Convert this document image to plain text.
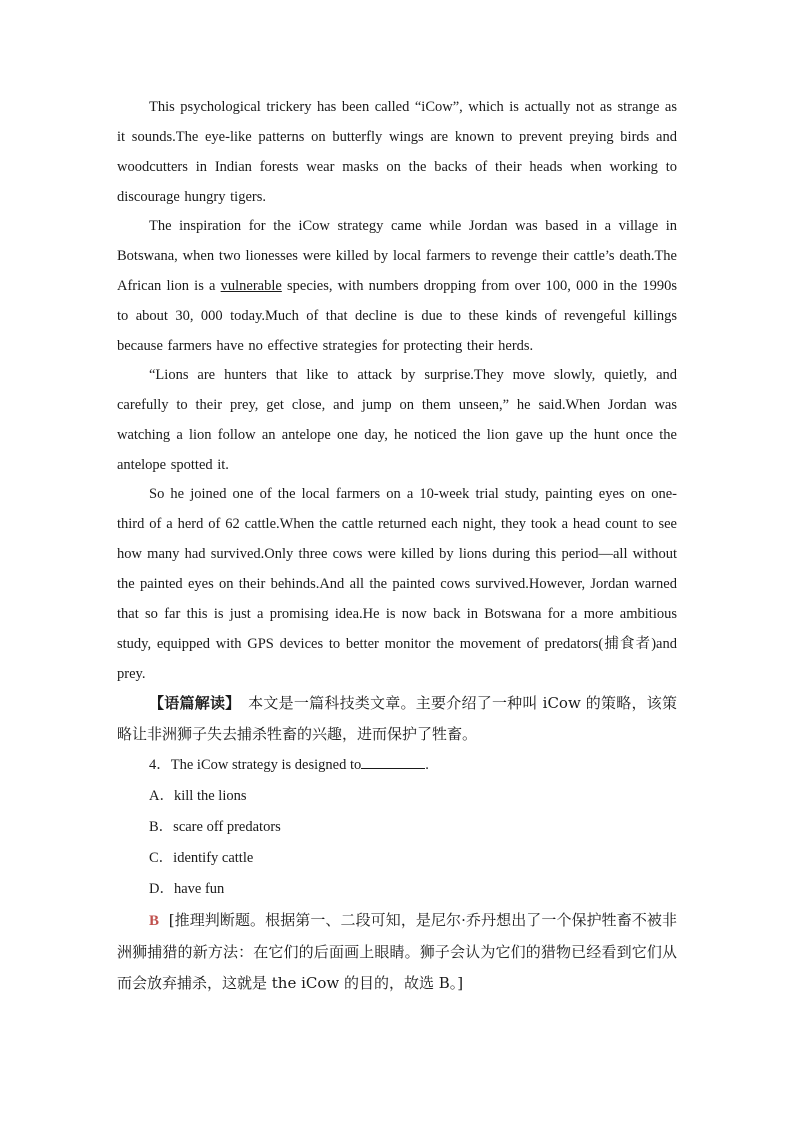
This psychological trickery has been called “iCow”, which is actually not as strange as it sounds.The eye-like patterns on butterfly wings are known to prevent preying birds and woodcutters in Indian forests wear masks on the backs of their heads when working to discourage hungry tigers.

The inspiration for the iCow strategy came while Jordan was based in a village in Botswana, when two lionesses were killed by local farmers to revenge their cattle’s death.The African lion is a vulnerable species, with numbers dropping from over 100, 000 in the 1990s to about 30, 000 today.Much of that decline is due to these kinds of revengeful killings because farmers have no effective strategies for protecting their herds.

“Lions are hunters that like to attack by surprise.They move slowly, quietly, and carefully to their prey, get close, and jump on them unseen,” he said.When Jordan was watching a lion follow an antelope one day, he noticed the lion gave up the hunt once the antelope spotted it.

So he joined one of the local farmers on a 10-week trial study, painting eyes on one-third of a herd of 62 cattle.When the cattle returned each night, they took a head count to see how many had survived.Only three cows were killed by lions during this period—all without the painted eyes on their behinds.And all the painted cows survived.However, Jordan warned that so far this is just a promising idea.He is now back in Botswana for a more ambitious study, equipped with GPS devices to better monitor the movement of predators(捕食者)and prey.

【语篇解读】　本文是一篇科技类文章。主要介绍了一种叫 iCow 的策略，该策略让非洲狮子失去捕杀牲畜的兴趣，进而保护了牲畜。

4．The iCow strategy is designed to	.

A．kill the lions

B．scare off predators

C．identify cattle

D．have fun

B [推理判断题。根据第一、二段可知，是尼尔·乔丹想出了一个保护牲畜不被非洲狮捕猎的新方法：在它们的后面画上眼睛。狮子会认为它们的猎物已经看到它们从而会放弃捕杀，这就是 the iCow 的目的，故选 B。]
